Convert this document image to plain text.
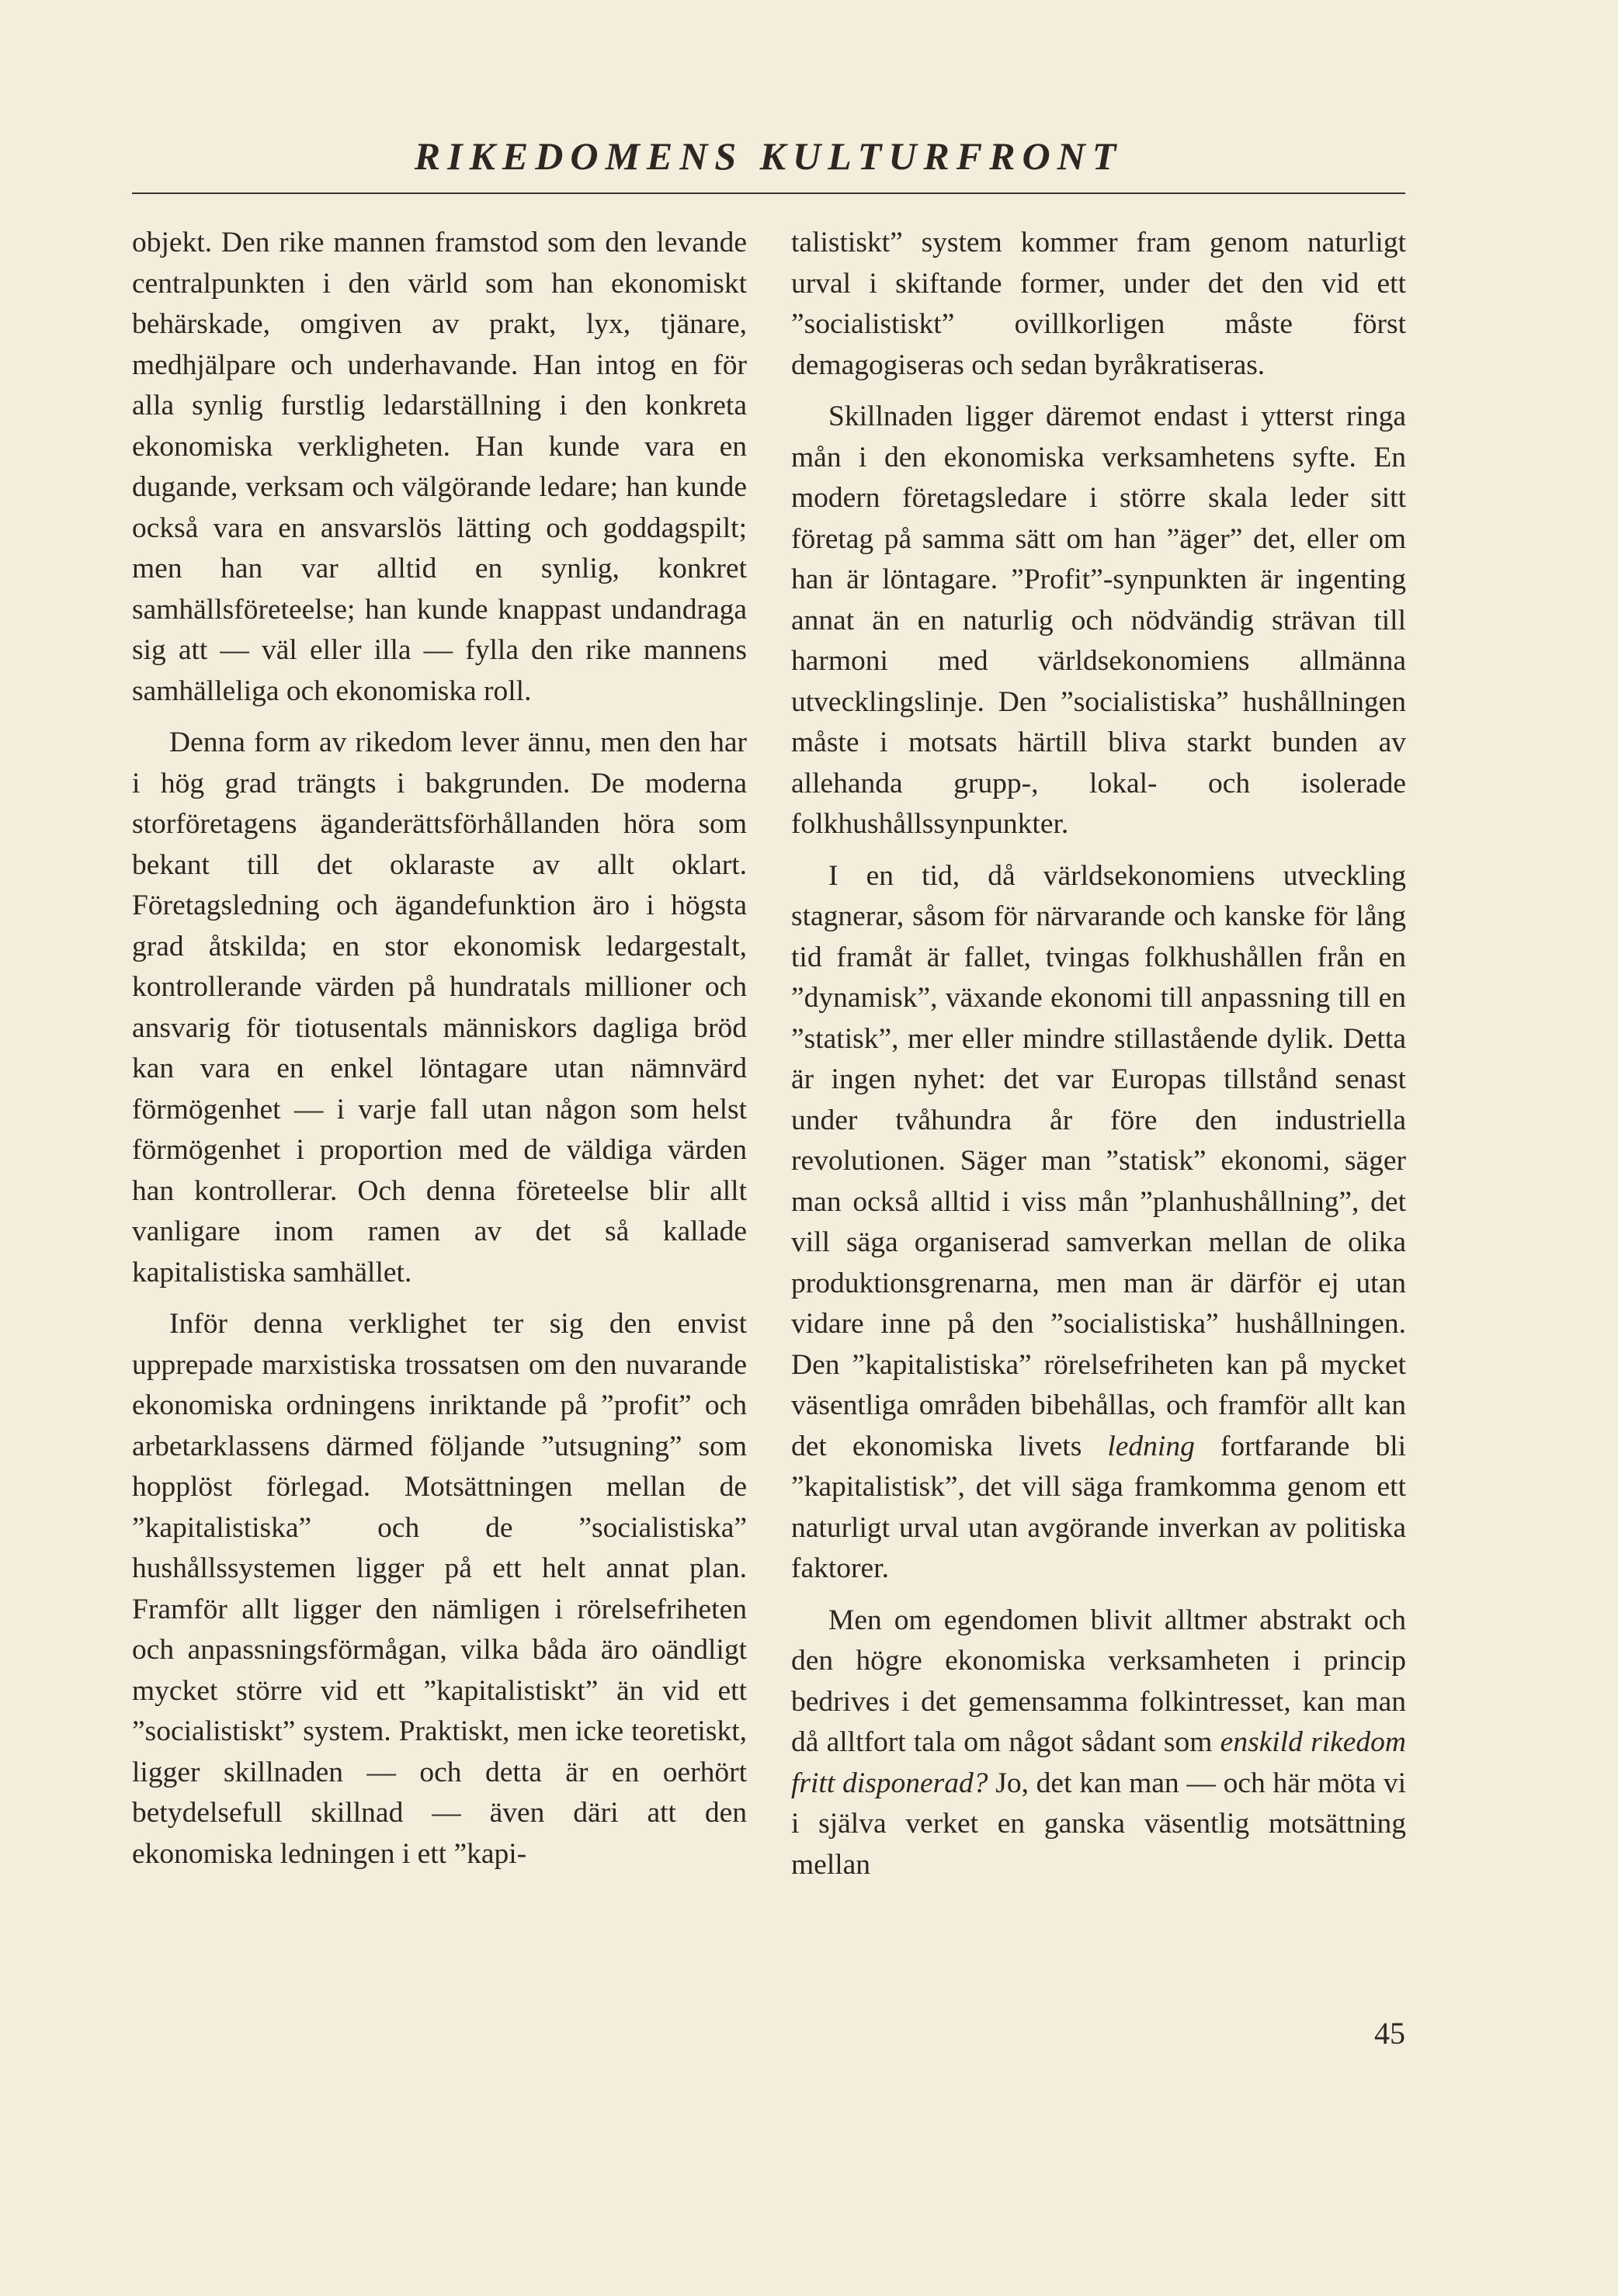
RIKEDOMENS KULTURFRONT

objekt. Den rike mannen framstod som den levande centralpunkten i den värld som han ekonomiskt behärskade, omgiven av prakt, lyx, tjänare, medhjälpare och underhavande. Han intog en för alla synlig furstlig ledarställning i den konkreta ekonomiska verkligheten. Han kunde vara en dugande, verksam och välgörande ledare; han kunde också vara en ansvarslös lätting och goddagspilt; men han var alltid en synlig, konkret samhällsföreteelse; han kunde knappast undandraga sig att — väl eller illa — fylla den rike mannens samhälleliga och ekonomiska roll.

Denna form av rikedom lever ännu, men den har i hög grad trängts i bakgrunden. De moderna storföretagens äganderättsförhållanden höra som bekant till det oklaraste av allt oklart. Företagsledning och ägandefunktion äro i högsta grad åtskilda; en stor ekonomisk ledargestalt, kontrollerande värden på hundratals millioner och ansvarig för tiotusentals människors dagliga bröd kan vara en enkel löntagare utan nämnvärd förmögenhet — i varje fall utan någon som helst förmögenhet i proportion med de väldiga värden han kontrollerar. Och denna företeelse blir allt vanligare inom ramen av det så kallade kapitalistiska samhället.

Inför denna verklighet ter sig den envist upprepade marxistiska trossatsen om den nuvarande ekonomiska ordningens inriktande på ”profit” och arbetarklassens därmed följande ”utsugning” som hopplöst förlegad. Motsättningen mellan de ”kapitalistiska” och de ”socialistiska” hushållssystemen ligger på ett helt annat plan. Framför allt ligger den nämligen i rörelsefriheten och anpassningsförmågan, vilka båda äro oändligt mycket större vid ett ”kapitalistiskt” än vid ett ”socialistiskt” system. Praktiskt, men icke teoretiskt, ligger skillnaden — och detta är en oerhört betydelsefull skillnad — även däri att den ekonomiska ledningen i ett ”kapi-

talistiskt” system kommer fram genom naturligt urval i skiftande former, under det den vid ett ”socialistiskt” ovillkorligen måste först demagogiseras och sedan byråkratiseras.

Skillnaden ligger däremot endast i ytterst ringa mån i den ekonomiska verksamhetens syfte. En modern företagsledare i större skala leder sitt företag på samma sätt om han ”äger” det, eller om han är löntagare. ”Profit”-synpunkten är ingenting annat än en naturlig och nödvändig strävan till harmoni med världsekonomiens allmänna utvecklingslinje. Den ”socialistiska” hushållningen måste i motsats härtill bliva starkt bunden av allehanda grupp-, lokal- och isolerade folkhushållssynpunkter.

I en tid, då världsekonomiens utveckling stagnerar, såsom för närvarande och kanske för lång tid framåt är fallet, tvingas folkhushållen från en ”dynamisk”, växande ekonomi till anpassning till en ”statisk”, mer eller mindre stillastående dylik. Detta är ingen nyhet: det var Europas tillstånd senast under tvåhundra år före den industriella revolutionen. Säger man ”statisk” ekonomi, säger man också alltid i viss mån ”planhushållning”, det vill säga organiserad samverkan mellan de olika produktionsgrenarna, men man är därför ej utan vidare inne på den ”socialistiska” hushållningen. Den ”kapitalistiska” rörelsefriheten kan på mycket väsentliga områden bibehållas, och framför allt kan det ekonomiska livets ledning fortfarande bli ”kapitalistisk”, det vill säga framkomma genom ett naturligt urval utan avgörande inverkan av politiska faktorer.

Men om egendomen blivit alltmer abstrakt och den högre ekonomiska verksamheten i princip bedrives i det gemensamma folkintresset, kan man då alltfort tala om något sådant som enskild rikedom fritt disponerad? Jo, det kan man — och här möta vi i själva verket en ganska väsentlig motsättning mellan

45
